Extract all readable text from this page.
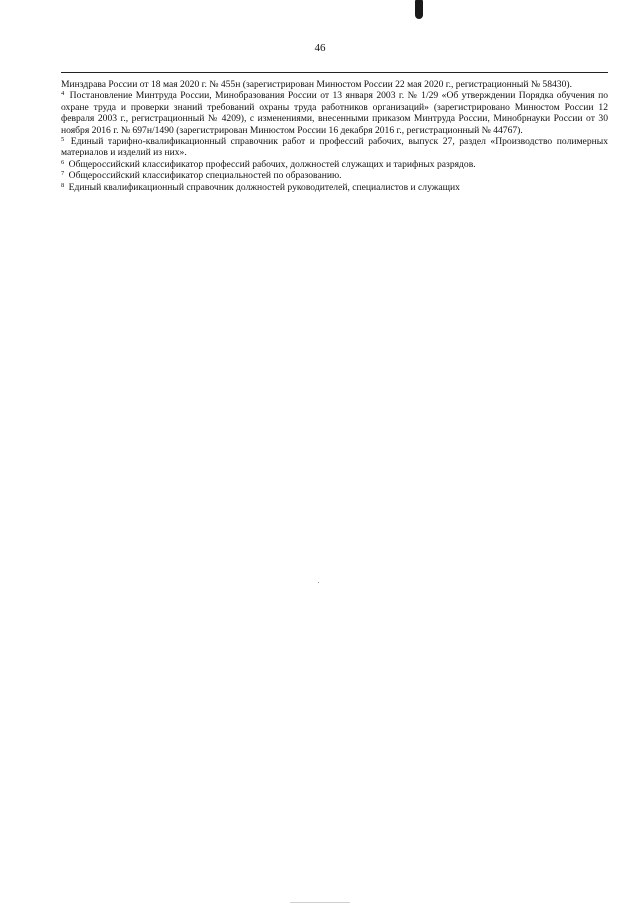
46

Минздрава России от 18 мая 2020 г. № 455н (зарегистрирован Минюстом России 22 мая 2020 г., регистрационный № 58430).

$^4$ Постановление Минтруда России, Минобразования России от 13 января 2003 г. № 1/29 «Об утверждении Порядка обучения по охране труда и проверки знаний требований охраны труда работников организаций» (зарегистрировано Минюстом России 12 февраля 2003 г., регистрационный № 4209), с изменениями, внесенными приказом Минтруда России, Минобрнауки России от 30 ноября 2016 г. № 697н/1490 (зарегистрирован Минюстом России 16 декабря 2016 г., регистрационный № 44767).

$^5$ Единый тарифно-квалификационный справочник работ и профессий рабочих, выпуск 27, раздел «Производство полимерных материалов и изделий из них».

$^6$ Общероссийский классификатор профессий рабочих, должностей служащих и тарифных разрядов.

$^7$ Общероссийский классификатор специальностей по образованию.

$^8$ Единый квалификационный справочник должностей руководителей, специалистов и служащих
